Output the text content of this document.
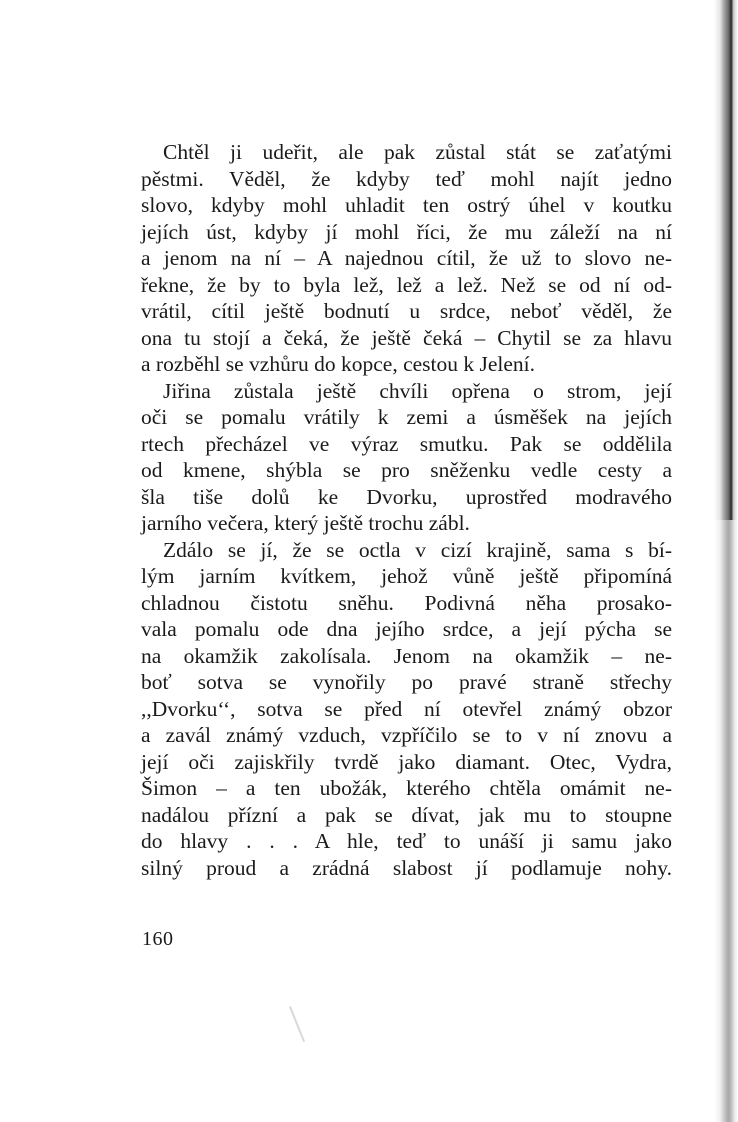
Chtěl ji udeřit, ale pak zůstal stát se zaťatými
pěstmi. Věděl, že kdyby teď mohl najít jedno
slovo, kdyby mohl uhladit ten ostrý úhel v koutku
jejích úst, kdyby jí mohl říci, že mu záleží na ní
a jenom na ní – A najednou cítil, že už to slovo ne-
řekne, že by to byla lež, lež a lež. Než se od ní od-
vrátil, cítil ještě bodnutí u srdce, neboť věděl, že
ona tu stojí a čeká, že ještě čeká – Chytil se za hlavu
a rozběhl se vzhůru do kopce, cestou k Jelení.
Jiřina zůstala ještě chvíli opřena o strom, její
oči se pomalu vrátily k zemi a úsměšek na jejích
rtech přecházel ve výraz smutku. Pak se oddělila
od kmene, shýbla se pro sněženku vedle cesty a
šla tiše dolů ke Dvorku, uprostřed modravého
jarního večera, který ještě trochu zábl.
Zdálo se jí, že se octla v cizí krajině, sama s bí-
lým jarním kvítkem, jehož vůně ještě připomíná
chladnou čistotu sněhu. Podivná něha prosako-
vala pomalu ode dna jejího srdce, a její pýcha se
na okamžik zakolísala. Jenom na okamžik – ne-
boť sotva se vynořily po pravé straně střechy
,,Dvorku‘‘, sotva se před ní otevřel známý obzor
a zavál známý vzduch, vzpříčilo se to v ní znovu a
její oči zajiskřily tvrdě jako diamant. Otec, Vydra,
Šimon – a ten ubožák, kterého chtěla omámit ne-
nadálou přízní a pak se dívat, jak mu to stoupne
do hlavy . . . A hle, teď to unáší ji samu jako
silný proud a zrádná slabost jí podlamuje nohy.
160
